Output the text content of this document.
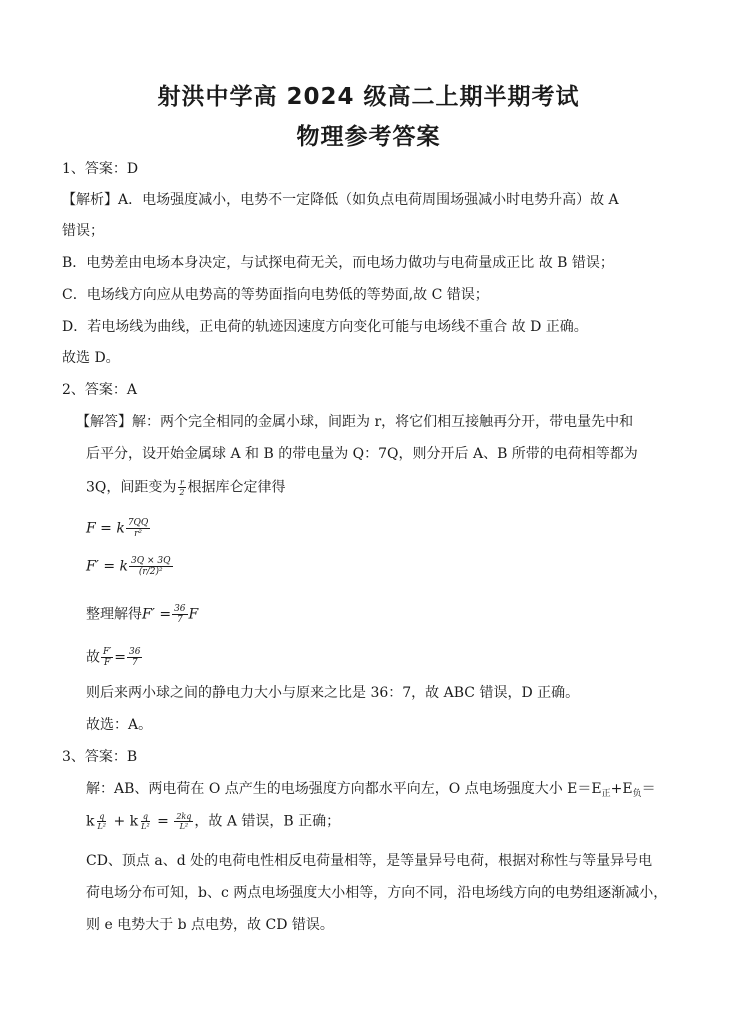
射洪中学高 2024 级高二上期半期考试
物理参考答案
1、答案：D
【解析】A．电场强度减小，电势不一定降低（如负点电荷周围场强减小时电势升高）故 A
错误；
B．电势差由电场本身决定，与试探电荷无关，而电场力做功与电荷量成正比 故 B 错误；
C．电场线方向应从电势高的等势面指向电势低的等势面,故 C 错误；
D．若电场线为曲线，正电荷的轨迹因速度方向变化可能与电场线不重合 故 D 正确。
故选 D。
2、答案：A
【解答】解：两个完全相同的金属小球，间距为 r，将它们相互接触再分开，带电量先中和
后平分，设开始金属球 A 和 B 的带电量为 Q：7Q，则分开后 A、B 所带的电荷相等都为
3Q，间距变为 $\frac{r}{2}$ 根据库仑定律得
F = k $\frac{7QQ}{\text{r²}}$
F′ = k $\frac{3Q \times 3Q}{\text{(r/2)²}}$
整理解得$F' = \frac{36}{7}$ F
故 $\frac{F'}{F} = \frac{36}{7}$
则后来两小球之间的静电力大小与原来之比是 36：7，故 ABC 错误，D 正确。
故选：A。
3、答案：B
解：AB、两电荷在 O 点产生的电场强度方向都水平向左，O 点电场强度大小 $E=E_正+E_负=$
k $\frac{q}{\text{L²}} + k \frac{q}{\text{L²}} = \frac{2kq}{\text{L²}}$ ，故 A 错误，B 正确；
CD、顶点 a、d 处的电荷电性相反电荷量相等，是等量异号电荷，根据对称性与等量异号电
荷电场分布可知，b、c 两点电场强度大小相等，方向不同，沿电场线方向的电势组逐渐减小，
则 e 电势大于 b 点电势，故 CD 错误。
